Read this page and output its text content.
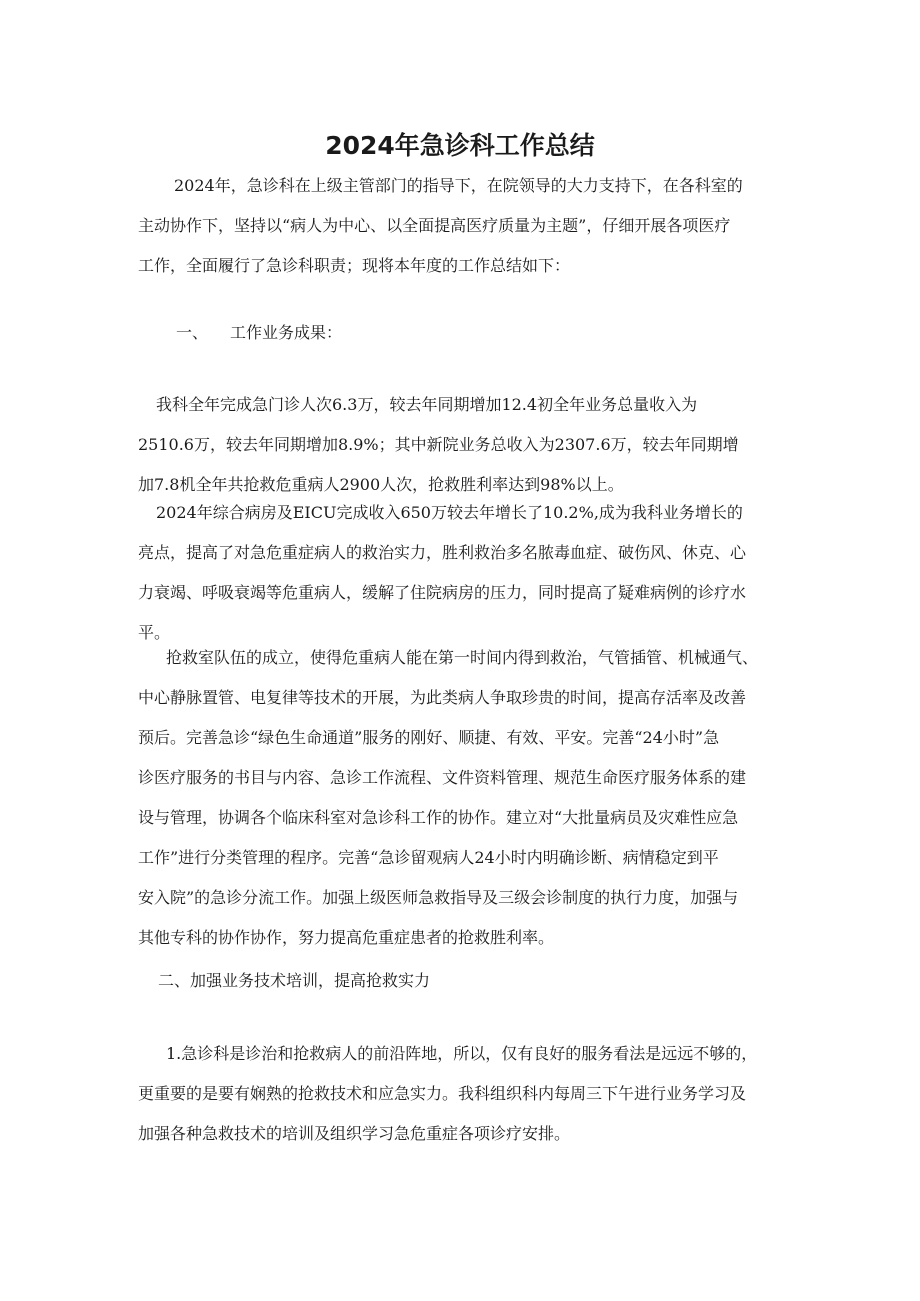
2024年急诊科工作总结
2024年，急诊科在上级主管部门的指导下，在院领导的大力支持下，在各科室的
主动协作下，坚持以“病人为中心、以全面提高医疗质量为主题”，仔细开展各项医疗
工作，全面履行了急诊科职责；现将本年度的工作总结如下：
一、 工作业务成果：
我科全年完成急门诊人次6.3万，较去年同期增加12.4初全年业务总量收入为
2510.6万，较去年同期增加8.9%；其中新院业务总收入为2307.6万，较去年同期增
加7.8机全年共抢救危重病人2900人次，抢救胜利率达到98%以上。
2024年综合病房及EICU完成收入650万较去年增长了10.2%,成为我科业务增长的
亮点，提高了对急危重症病人的救治实力，胜利救治多名脓毒血症、破伤风、休克、心
力衰竭、呼吸衰竭等危重病人，缓解了住院病房的压力，同时提高了疑难病例的诊疗水
平。
抢救室队伍的成立，使得危重病人能在第一时间内得到救治，气管插管、机械通气、
中心静脉置管、电复律等技术的开展，为此类病人争取珍贵的时间，提高存活率及改善
预后。完善急诊“绿色生命通道”服务的刚好、顺捷、有效、平安。完善“24小时”急
诊医疗服务的书目与内容、急诊工作流程、文件资料管理、规范生命医疗服务体系的建
设与管理，协调各个临床科室对急诊科工作的协作。建立对“大批量病员及灾难性应急
工作”进行分类管理的程序。完善“急诊留观病人24小时内明确诊断、病情稳定到平
安入院”的急诊分流工作。加强上级医师急救指导及三级会诊制度的执行力度，加强与
其他专科的协作协作，努力提高危重症患者的抢救胜利率。
二、加强业务技术培训，提高抢救实力
1.急诊科是诊治和抢救病人的前沿阵地，所以，仅有良好的服务看法是远远不够的，
更重要的是要有娴熟的抢救技术和应急实力。我科组织科内每周三下午进行业务学习及
加强各种急救技术的培训及组织学习急危重症各项诊疗安排。
